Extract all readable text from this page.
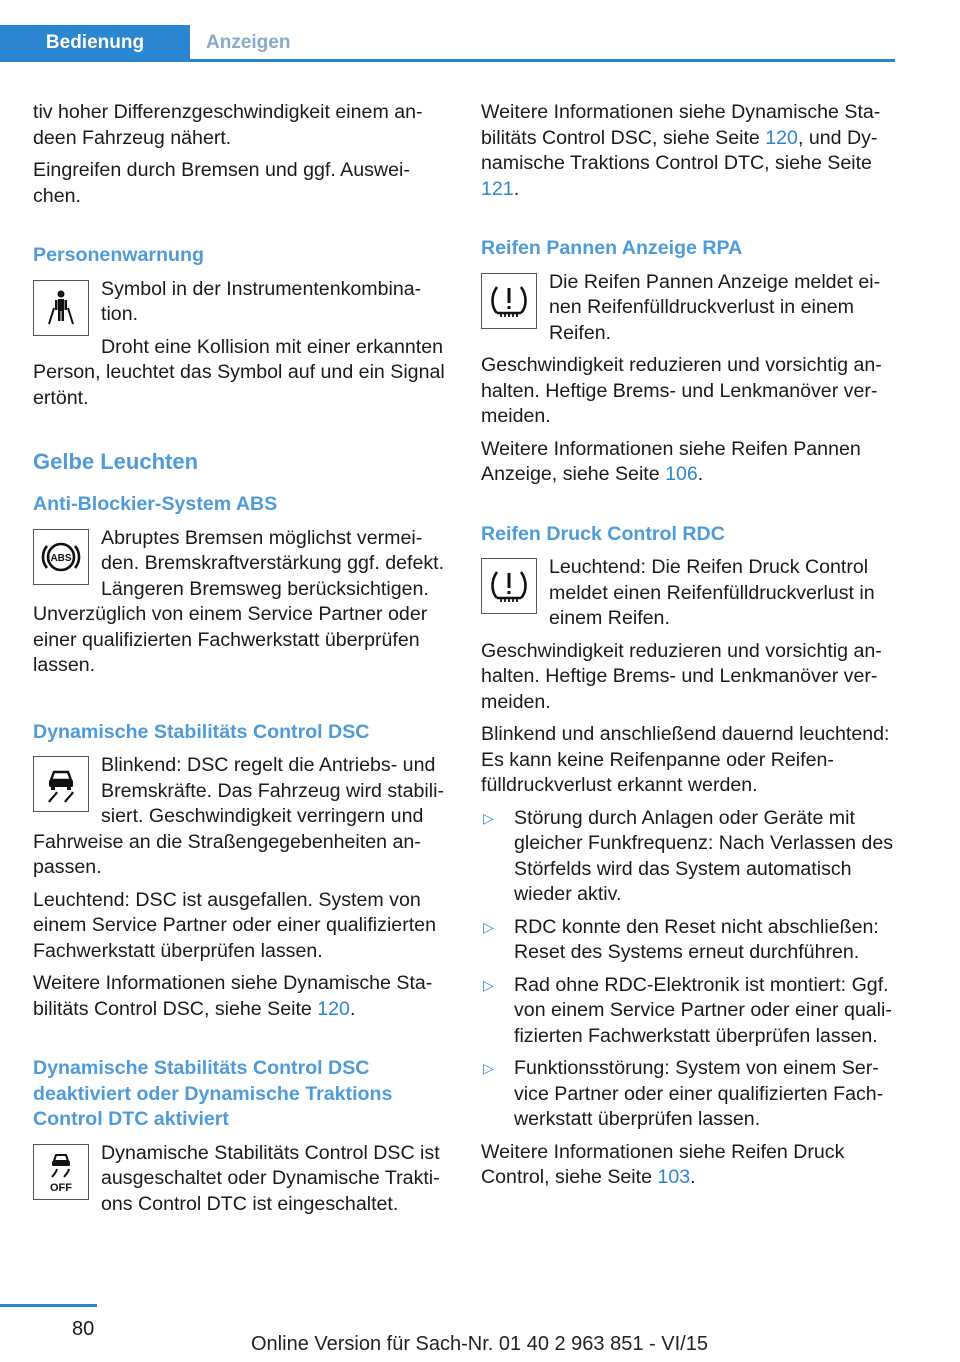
Bedienung	Anzeigen

tiv hoher Differenzgeschwindigkeit einem andeen Fahrzeug nähert.

Eingreifen durch Bremsen und ggf. Ausweichen.

Personenwarnung

Symbol in der Instrumentenkombination.

Droht eine Kollision mit einer erkannten Person, leuchtet das Symbol auf und ein Signal ertönt.

Gelbe Leuchten
Anti-Blockier-System ABS
ABS

Abruptes Bremsen möglichst vermeiden. Bremskraftverstärkung ggf. defekt. Längeren Bremsweg berücksichtigen. Unverzüglich von einem Service Partner oder einer qualifizierten Fachwerkstatt überprüfen lassen.

Dynamische Stabilitäts Control DSC

Blinkend: DSC regelt die Antriebs- und Bremskräfte. Das Fahrzeug wird stabilisiert. Geschwindigkeit verringern und Fahrweise an die Straßengegebenheiten anpassen.

Leuchtend: DSC ist ausgefallen. System von einem Service Partner oder einer qualifizierten Fachwerkstatt überprüfen lassen.

Weitere Informationen siehe Dynamische Stabilitäts Control DSC, siehe Seite 120.

Dynamische Stabilitäts Control DSC deaktiviert oder Dynamische Traktions Control DTC aktiviert
OFF

Dynamische Stabilitäts Control DSC ist ausgeschaltet oder Dynamische Traktions Control DTC ist eingeschaltet.

Weitere Informationen siehe Dynamische Stabilitäts Control DSC, siehe Seite 120, und Dynamische Traktions Control DTC, siehe Seite 121.

Reifen Pannen Anzeige RPA

Die Reifen Pannen Anzeige meldet einen Reifenfülldruckverlust in einem Reifen.

Geschwindigkeit reduzieren und vorsichtig anhalten. Heftige Brems- und Lenkmanöver vermeiden.

Weitere Informationen siehe Reifen Pannen Anzeige, siehe Seite 106.

Reifen Druck Control RDC

Leuchtend: Die Reifen Druck Control meldet einen Reifenfülldruckverlust in einem Reifen.

Geschwindigkeit reduzieren und vorsichtig anhalten. Heftige Brems- und Lenkmanöver vermeiden.

Blinkend und anschließend dauernd leuchtend: Es kann keine Reifenpanne oder Reifenfülldruckverlust erkannt werden.

▷ Störung durch Anlagen oder Geräte mit gleicher Funkfrequenz: Nach Verlassen des Störfelds wird das System automatisch wieder aktiv.
▷ RDC konnte den Reset nicht abschließen: Reset des Systems erneut durchführen.
▷ Rad ohne RDC-Elektronik ist montiert: Ggf. von einem Service Partner oder einer qualifizierten Fachwerkstatt überprüfen lassen.
▷ Funktionsstörung: System von einem Service Partner oder einer qualifizierten Fachwerkstatt überprüfen lassen.

Weitere Informationen siehe Reifen Druck Control, siehe Seite 103.

80
Online Version für Sach-Nr. 01 40 2 963 851 - VI/15
